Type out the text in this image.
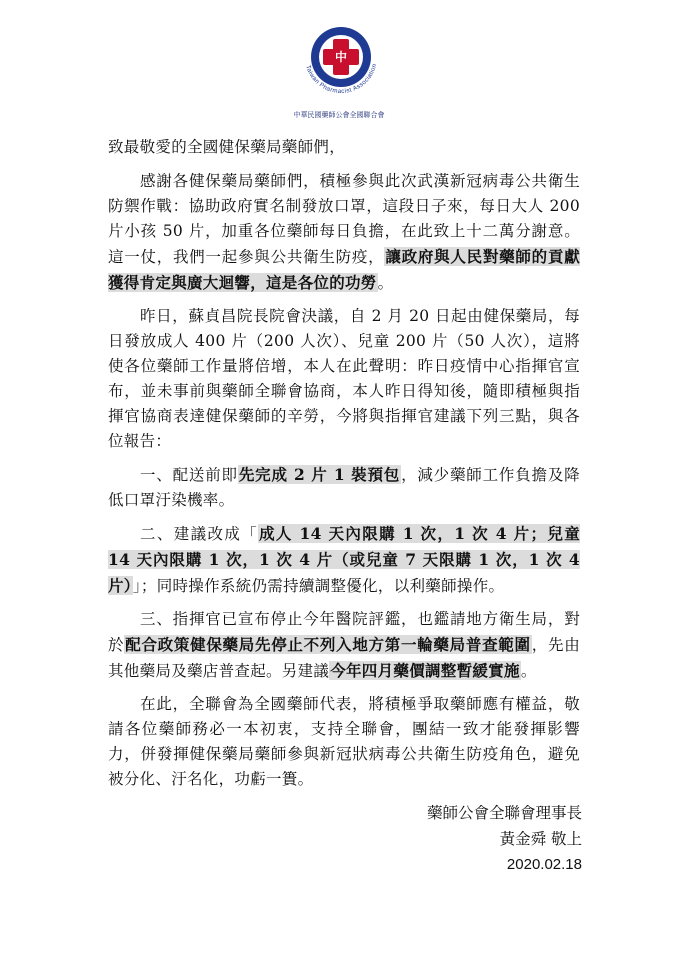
中
Taiwan Pharmacist Association
中華民國藥師公會全國聯合會

致最敬愛的全國健保藥局藥師們，

感謝各健保藥局藥師們，積極參與此次武漢新冠病毒公共衛生防禦作戰：協助政府實名制發放口罩，這段日子來，每日大人 200 片小孩 50 片，加重各位藥師每日負擔，在此致上十二萬分謝意。這一仗，我們一起參與公共衛生防疫，讓政府與人民對藥師的貢獻獲得肯定與廣大迴響，這是各位的功勞。

昨日，蘇貞昌院長院會決議，自 2 月 20 日起由健保藥局，每日發放成人 400 片（200 人次）、兒童 200 片（50 人次），這將使各位藥師工作量將倍增，本人在此聲明：昨日疫情中心指揮官宣布，並未事前與藥師全聯會協商，本人昨日得知後，隨即積極與指揮官協商表達健保藥師的辛勞，今將與指揮官建議下列三點，與各位報告：

一、配送前即先完成 2 片 1 裝預包，減少藥師工作負擔及降低口罩汙染機率。

二、建議改成「成人 14 天內限購 1 次，1 次 4 片；兒童 14 天內限購 1 次，1 次 4 片（或兒童 7 天限購 1 次，1 次 4 片）」；同時操作系統仍需持續調整優化，以利藥師操作。

三、指揮官已宣布停止今年醫院評鑑，也鑑請地方衛生局，對於配合政策健保藥局先停止不列入地方第一輪藥局普查範圍，先由其他藥局及藥店普查起。另建議今年四月藥價調整暫緩實施。

在此，全聯會為全國藥師代表，將積極爭取藥師應有權益，敬請各位藥師務必一本初衷，支持全聯會，團結一致才能發揮影響力，併發揮健保藥局藥師參與新冠狀病毒公共衛生防疫角色，避免被分化、汙名化，功虧一簣。

藥師公會全聯會理事長
黃金舜 敬上
2020.02.18
